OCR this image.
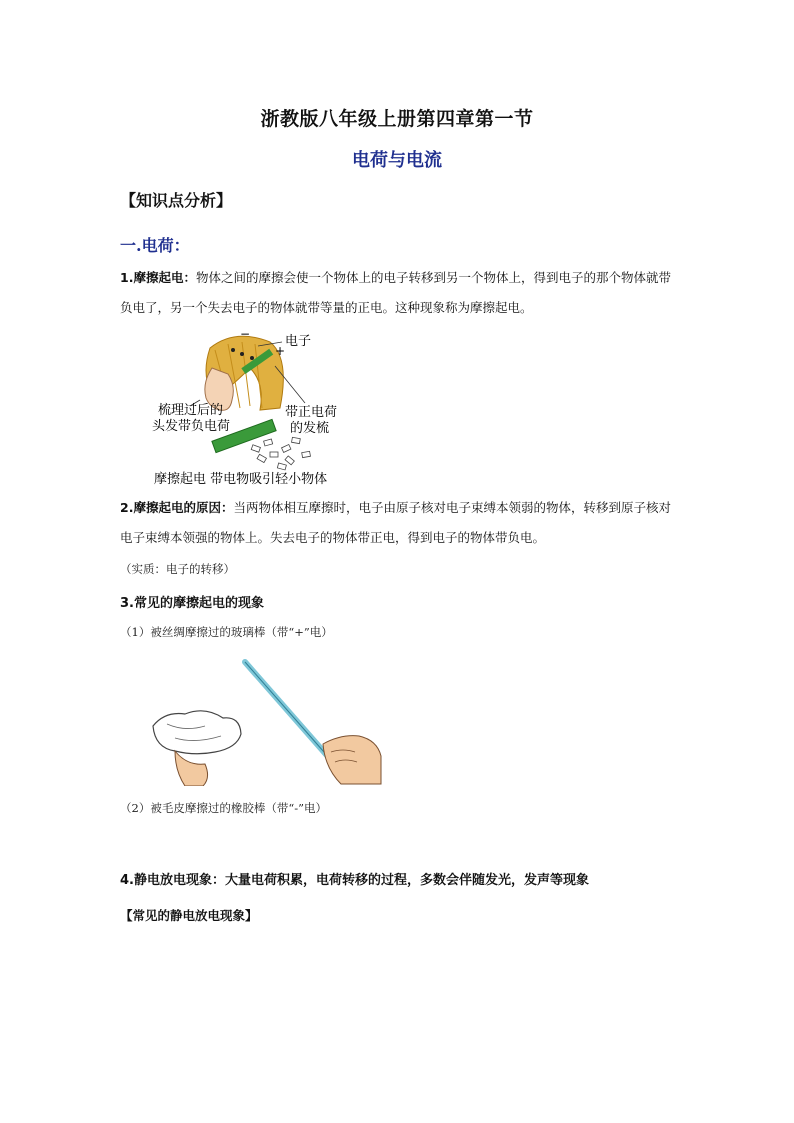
浙教版八年级上册第四章第一节
电荷与电流
【知识点分析】
一.电荷：
1.摩擦起电：物体之间的摩擦会使一个物体上的电子转移到另一个物体上，得到电子的那个物体就带负电了，另一个失去电子的物体就带等量的正电。这种现象称为摩擦起电。
−
+
电子
梳理过后的
头发带负电荷
带正电荷
的发梳
摩擦起电 带电物吸引轻小物体
2.摩擦起电的原因：当两物体相互摩擦时，电子由原子核对电子束缚本领弱的物体，转移到原子核对电子束缚本领强的物体上。失去电子的物体带正电，得到电子的物体带负电。
（实质：电子的转移）
3.常见的摩擦起电的现象
（1）被丝绸摩擦过的玻璃棒（带“+”电）
（2）被毛皮摩擦过的橡胶棒（带“-”电）
4.静电放电现象：大量电荷积累，电荷转移的过程，多数会伴随发光，发声等现象
【常见的静电放电现象】
